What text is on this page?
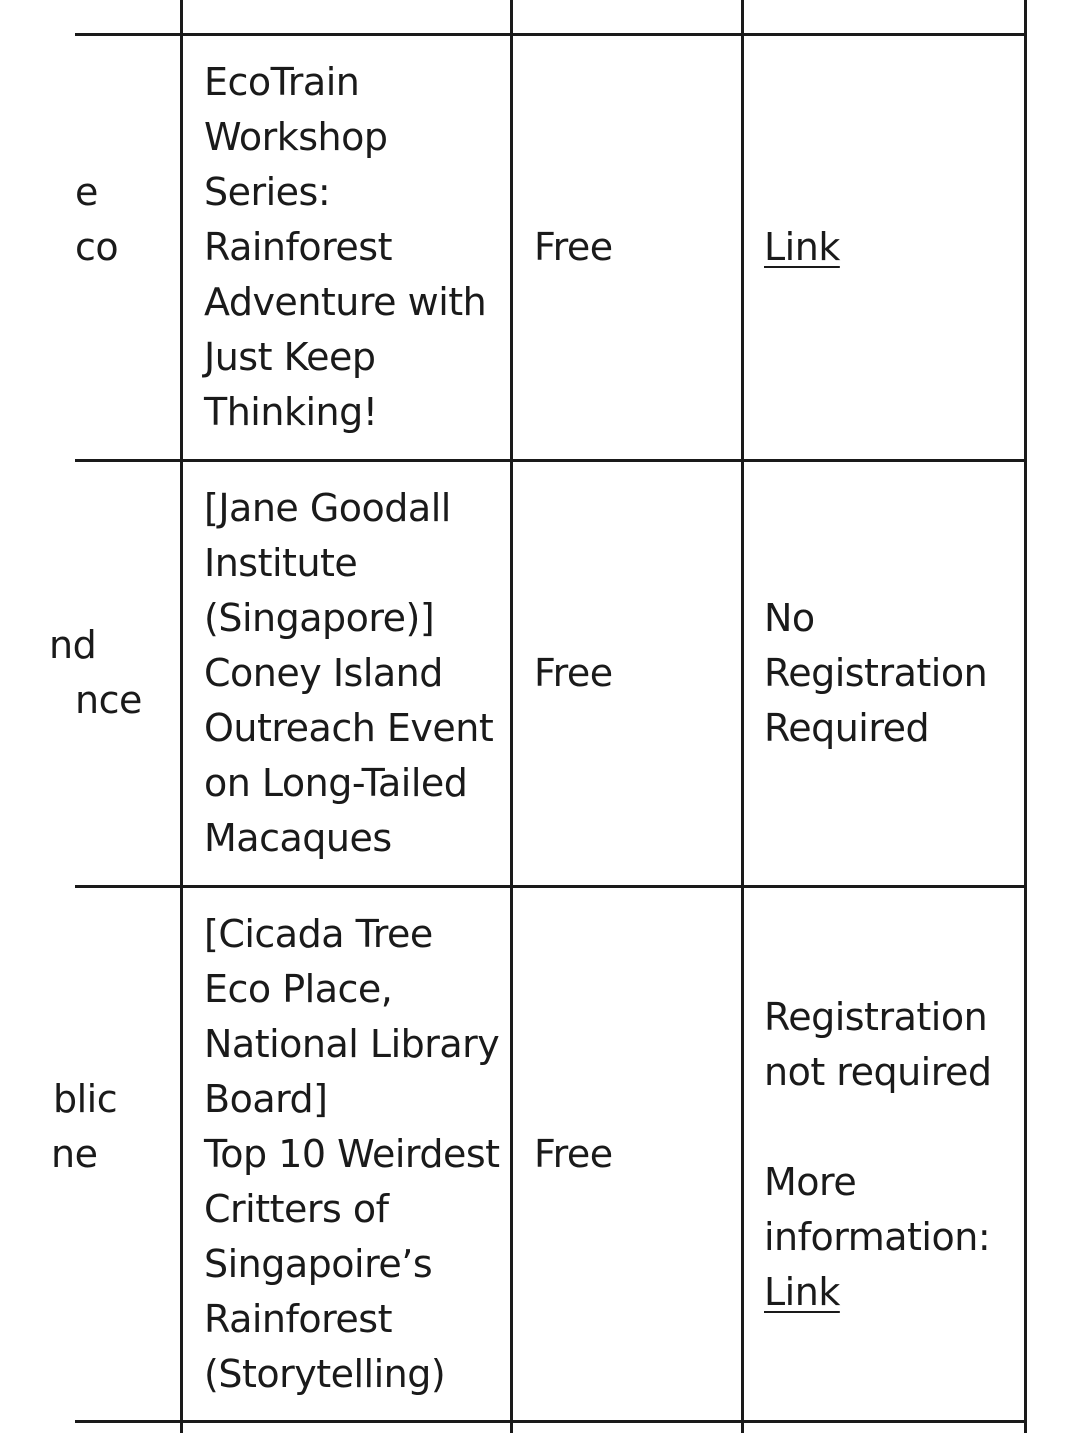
e
co
EcoTrain
Workshop
Series:
Rainforest
Adventure with
Just Keep
Thinking!
Free	Link
nd
nce
[Jane Goodall
Institute
(Singapore)]
Coney Island
Outreach Event
on Long-Tailed
Macaques
Free
No
Registration
Required
blic
ne
[Cicada Tree
Eco Place,
National Library
Board]
Top 10 Weirdest
Critters of
Singapoire’s
Rainforest
(Storytelling)
Free
Registration
not required
More
information:
Link
